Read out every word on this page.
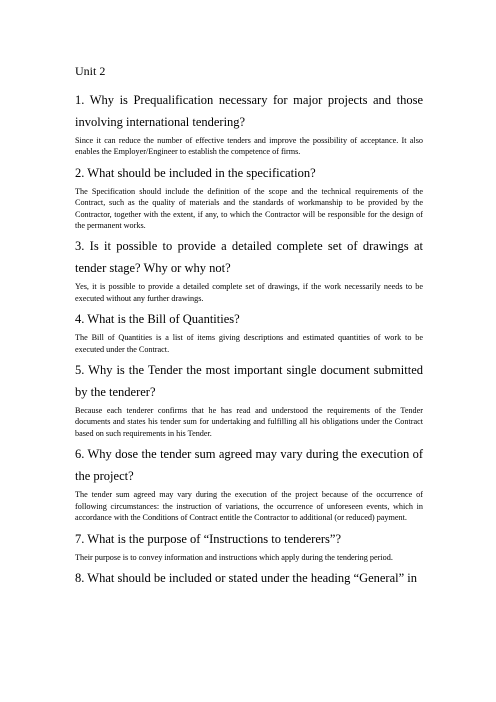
Unit 2

1. Why is Prequalification necessary for major projects and those involving international tendering?

Since it can reduce the number of effective tenders and improve the possibility of acceptance. It also enables the Employer/Engineer to establish the competence of firms.

2. What should be included in the specification?

The Specification should include the definition of the scope and the technical requirements of the Contract, such as the quality of materials and the standards of workmanship to be provided by the Contractor, together with the extent, if any, to which the Contractor will be responsible for the design of the permanent works.

3. Is it possible to provide a detailed complete set of drawings at tender stage? Why or why not?

Yes, it is possible to provide a detailed complete set of drawings, if the work necessarily needs to be executed without any further drawings.

4. What is the Bill of Quantities?

The Bill of Quantities is a list of items giving descriptions and estimated quantities of work to be executed under the Contract.

5. Why is the Tender the most important single document submitted by the tenderer?

Because each tenderer confirms that he has read and understood the requirements of the Tender documents and states his tender sum for undertaking and fulfilling all his obligations under the Contract based on such requirements in his Tender.

6. Why dose the tender sum agreed may vary during the execution of the project?

The tender sum agreed may vary during the execution of the project because of the occurrence of following circumstances: the instruction of variations, the occurrence of unforeseen events, which in accordance with the Conditions of Contract entitle the Contractor to additional (or reduced) payment.

7. What is the purpose of “Instructions to tenderers”?

Their purpose is to convey information and instructions which apply during the tendering period.

8. What should be included or stated under the heading “General” in
